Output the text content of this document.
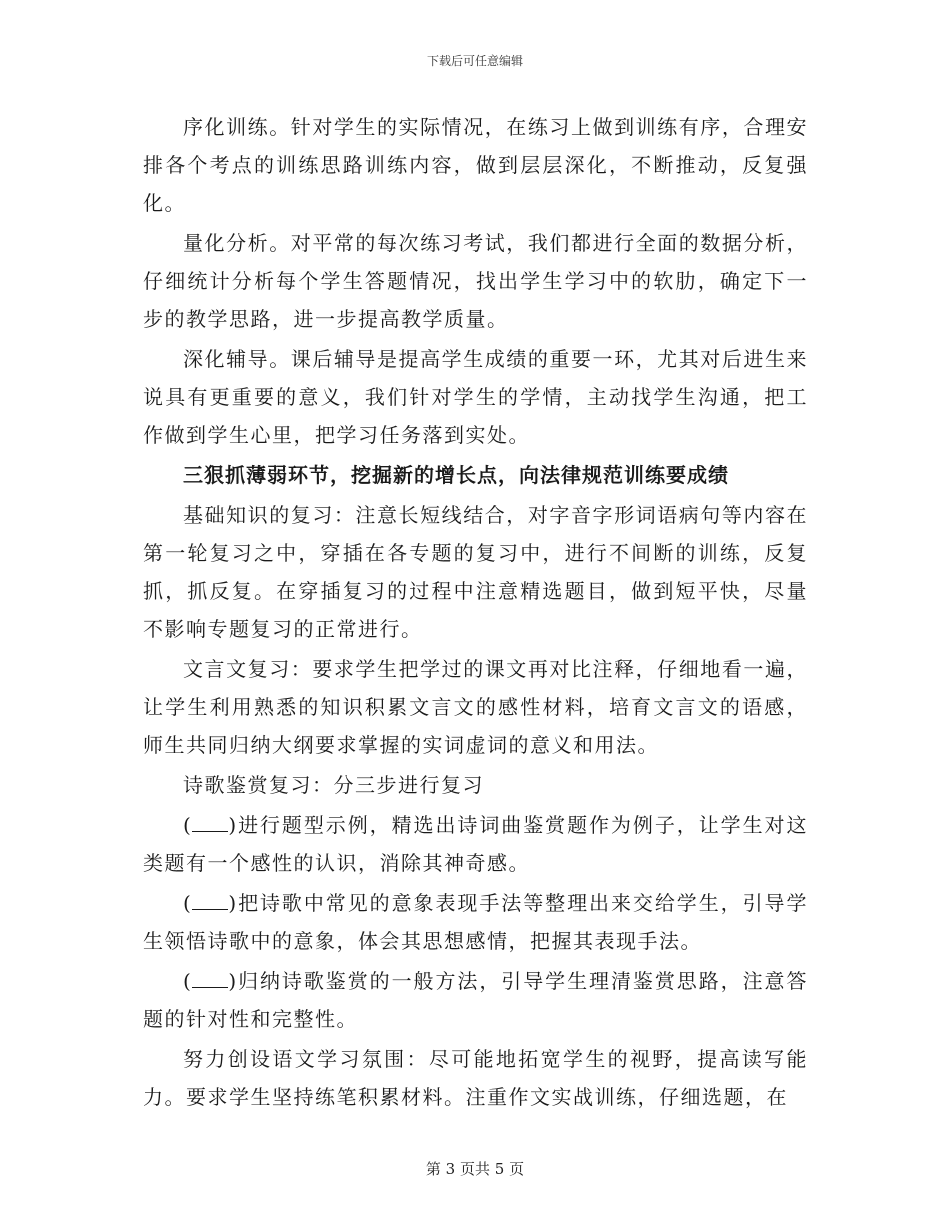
下载后可任意编辑

序化训练。针对学生的实际情况，在练习上做到训练有序，合理安排各个考点的训练思路训练内容，做到层层深化，不断推动，反复强化。

量化分析。对平常的每次练习考试，我们都进行全面的数据分析，仔细统计分析每个学生答题情况，找出学生学习中的软肋，确定下一步的教学思路，进一步提高教学质量。

深化辅导。课后辅导是提高学生成绩的重要一环，尤其对后进生来说具有更重要的意义，我们针对学生的学情，主动找学生沟通，把工作做到学生心里，把学习任务落到实处。

三狠抓薄弱环节，挖掘新的增长点，向法律规范训练要成绩

基础知识的复习：注意长短线结合，对字音字形词语病句等内容在第一轮复习之中，穿插在各专题的复习中，进行不间断的训练，反复抓，抓反复。在穿插复习的过程中注意精选题目，做到短平快，尽量不影响专题复习的正常进行。

文言文复习：要求学生把学过的课文再对比注释，仔细地看一遍，让学生利用熟悉的知识积累文言文的感性材料，培育文言文的语感，师生共同归纳大纲要求掌握的实词虚词的意义和用法。

诗歌鉴赏复习：分三步进行复习

( )进行题型示例，精选出诗词曲鉴赏题作为例子，让学生对这类题有一个感性的认识，消除其神奇感。

( )把诗歌中常见的意象表现手法等整理出来交给学生，引导学生领悟诗歌中的意象，体会其思想感情，把握其表现手法。

( )归纳诗歌鉴赏的一般方法，引导学生理清鉴赏思路，注意答题的针对性和完整性。

努力创设语文学习氛围：尽可能地拓宽学生的视野，提高读写能力。要求学生坚持练笔积累材料。注重作文实战训练，仔细选题，在

第 3 页共 5 页
